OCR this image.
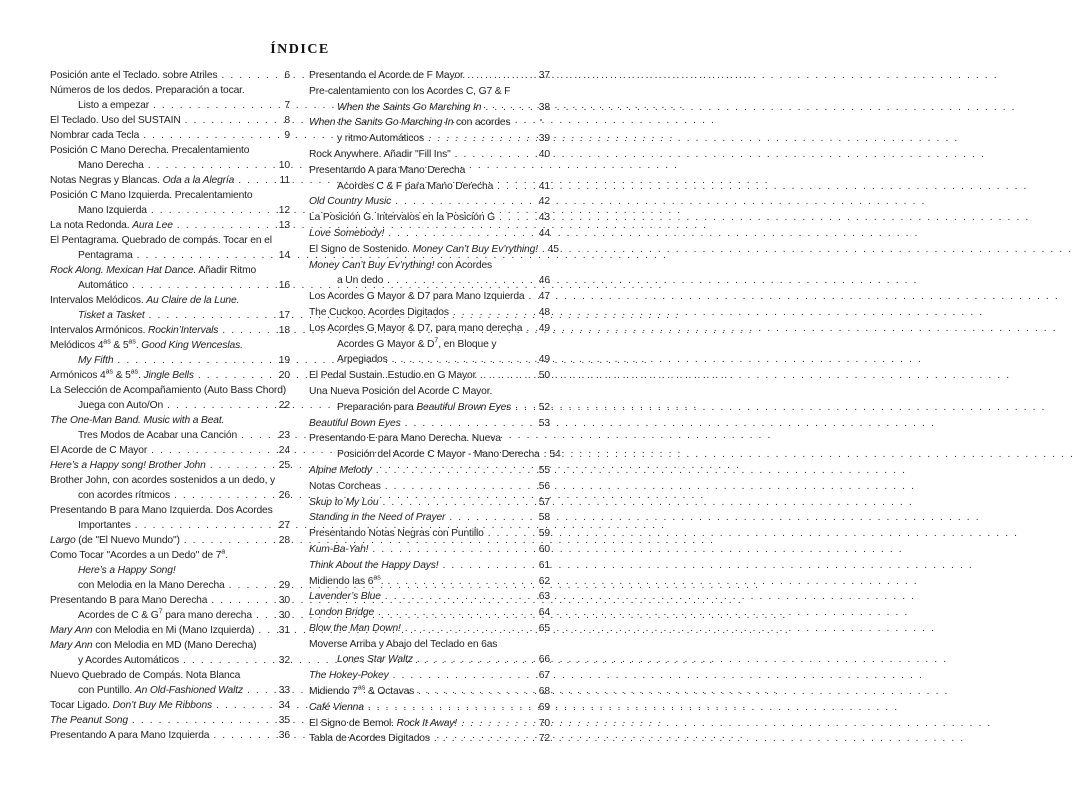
ÍNDICE
Posición ante el Teclado. sobre Atriles . . .	6
Números de los dedos. Preparación a tocar.
Listo a empezar . . .	7
El Teclado. Uso del SUSTAIN . . .	8
Nombrar cada Tecla . . .	9
Posición C Mano Derecha. Precalentamiento
Mano Derecha . . .	10
Notas Negras y Blancas. Oda a la Alegría . . .	11
Posición C Mano Izquierda. Precalentamiento
Mano Izquierda . . .	12
La nota Redonda. Aura Lee . . .	13
El Pentagrama. Quebrado de compás. Tocar en el
Pentagrama . . .	14
Rock Along. Mexican Hat Dance. Añadir Ritmo
Automático . . .	16
Intervalos Melódicos. Au Claire de la Lune.
Tisket a Tasket . . .	17
Intervalos Armónicos. Rockin’Intervals . . .	18
Melódicos $4^{as}$ & $5^{as}$. Good King Wenceslas.
My Fifth . . .	19
Armónicos $4^{as}$ & $5^{as}$. Jingle Bells . . .	20
La Selección de Acompañamiento (Auto Bass Chord)
Juega con Auto/On . . .	22
The One-Man Band. Music with a Beat.
Tres Modos de Acabar una Canción . . .	23
El Acorde de C Mayor . . .	24
Here’s a Happy song! Brother John . . .	25
Brother John, con acordes sostenidos a un dedo, y
con acordes rítmicos . . .	26
Presentando B para Mano Izquierda. Dos Acordes
Importantes . . .	27
Largo (de "El Nuevo Mundo") . . .	28
Como Tocar "Acordes a un Dedo" de 7$^a$.
Here’s a Happy Song!
con Melodia en la Mano Derecha . . .	29
Presentando B para Mano Derecha . . .	30
Acordes de C & $G^7$ para mano derecha . . .	30
Mary Ann con Melodia en Mi (Mano Izquierda) . . . 31
Mary Ann con Melodia en MD (Mano Derecha)
y Acordes Automáticos . . .	32
Nuevo Quebrado de Compás. Nota Blanca
con Puntillo. An Old-Fashioned Waltz . . .	33
Tocar Ligado. Don’t Buy Me Ribbons . . .	34
The Peanut Song . . .	35
Presentando A para Mano Izquierda . . .	36
Presentando el Acorde de F Mayor . . .	37
Pre-calentamiento con los Acordes C, G7 & F
When the Saints Go Marching In . . .	38
When the Sanits Go Marching In con acordes
y ritmo Automáticos . . .	39
Rock Anywhere. Añadir "Fill Ins" . . .	40
Presentando A para Mano Derecha
Acordes C & F para Mano Derecha . . .	41
Old Country Music . . .	42
La Posición G. Intervalos en la Posición G . . .	43
Love Somebody! . . .	44
El Signo de Sostenido. Money Can’t Buy Ev’rything! 45
Money Can’t Buy Ev’rything! con Acordes
a Un dedo . . .	46
Los Acordes G Mayor & D7 para Mano Izquierda . . . 47
The Cuckoo. Acordes Digitados . . .	48
Los Acordes G Mayor & D7, para mano derecha . . . 49
Acordes G Mayor & $D^7$, en Bloque y
Arpegiados . . .	49
El Pedal Sustain. Estudio en G Mayor . . .	50
Una Nueva Posición del Acorde C Mayor.
Preparación para Beautiful Brown Eyes . . .	52
Beautiful Bown Eyes . . .	53
Presentando E para Mano Derecha. Nueva
Posición del Acorde C Mayor - Mano Derecha 54
Alpine Melody . . .	55
Notas Corcheas . . .	56
Skup to My Lou . . .	57
Standing in the Need of Prayer . . .	58
Presentando Notas Negras con Puntillo . . .	59
Kum-Ba-Yah! . . .	60
Think About the Happy Days! . . .	61
Midiendo las $6^{as}$. . . .	62
Lavender’s Blue . . .	63
London Bridge . . .	64
Blow the Man Down! . . .	65
Moverse Arriba y Abajo del Teclado en 6as
Lones Star Waltz . . .	66
The Hokey-Pokey . . .	67
Midiendo $7^{as}$ & Octavas . . .	68
Café Vienna . . .	69
El Signo de Bemol. Rock It Away! . . .	70
Tabla de Acordes Digitados . . .	72
